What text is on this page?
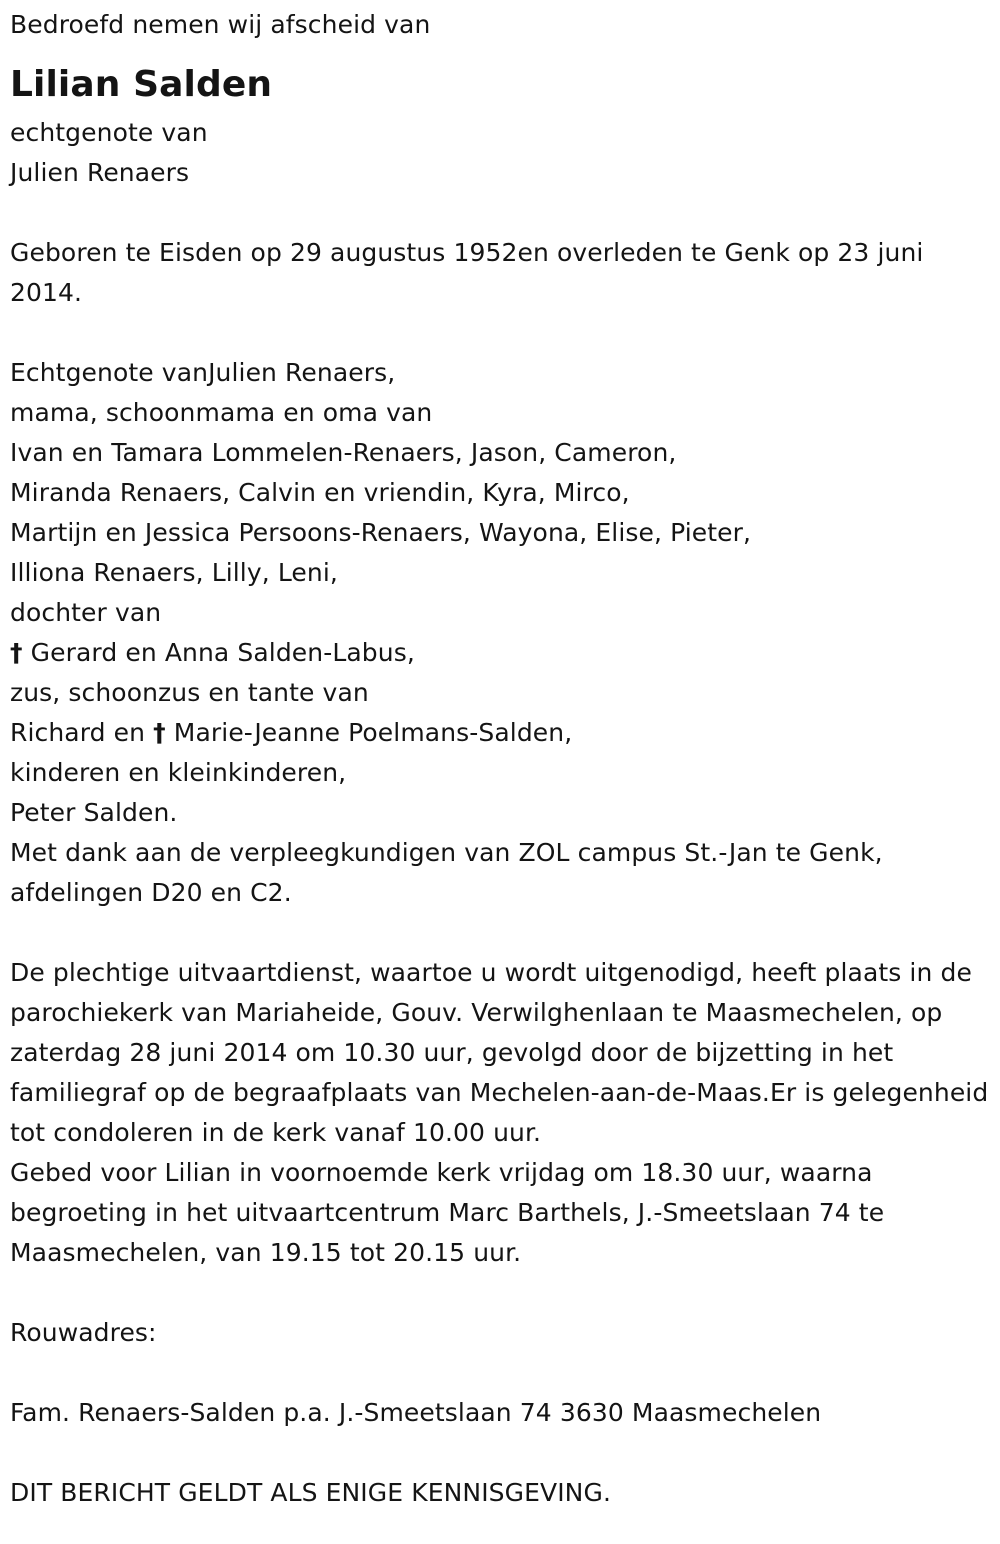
Bedroefd nemen wij afscheid van
Lilian Salden
echtgenote van
Julien Renaers
Geboren te Eisden op 29 augustus 1952en overleden te Genk op 23 juni 2014.
Echtgenote vanJulien Renaers,
mama, schoonmama en oma van
Ivan en Tamara Lommelen-Renaers, Jason, Cameron,
Miranda Renaers, Calvin en vriendin, Kyra, Mirco,
Martijn en Jessica Persoons-Renaers, Wayona, Elise, Pieter,
Illiona Renaers, Lilly, Leni,
dochter van
† Gerard en Anna Salden-Labus,
zus, schoonzus en tante van
Richard en † Marie-Jeanne Poelmans-Salden,
kinderen en kleinkinderen,
Peter Salden.
Met dank aan de verpleegkundigen van ZOL campus St.-Jan te Genk, afdelingen D20 en C2.
De plechtige uitvaartdienst, waartoe u wordt uitgenodigd, heeft plaats in de parochiekerk van Mariaheide, Gouv. Verwilghenlaan te Maasmechelen, op zaterdag 28 juni 2014 om 10.30 uur, gevolgd door de bijzetting in het familiegraf op de begraafplaats van Mechelen-aan-de-Maas.Er is gelegenheid tot condoleren in de kerk vanaf 10.00 uur.
Gebed voor Lilian in voornoemde kerk vrijdag om 18.30 uur, waarna begroeting in het uitvaartcentrum Marc Barthels, J.-Smeetslaan 74 te Maasmechelen, van 19.15 tot 20.15 uur.
Rouwadres:
Fam. Renaers-Salden p.a. J.-Smeetslaan 74 3630 Maasmechelen
DIT BERICHT GELDT ALS ENIGE KENNISGEVING.
